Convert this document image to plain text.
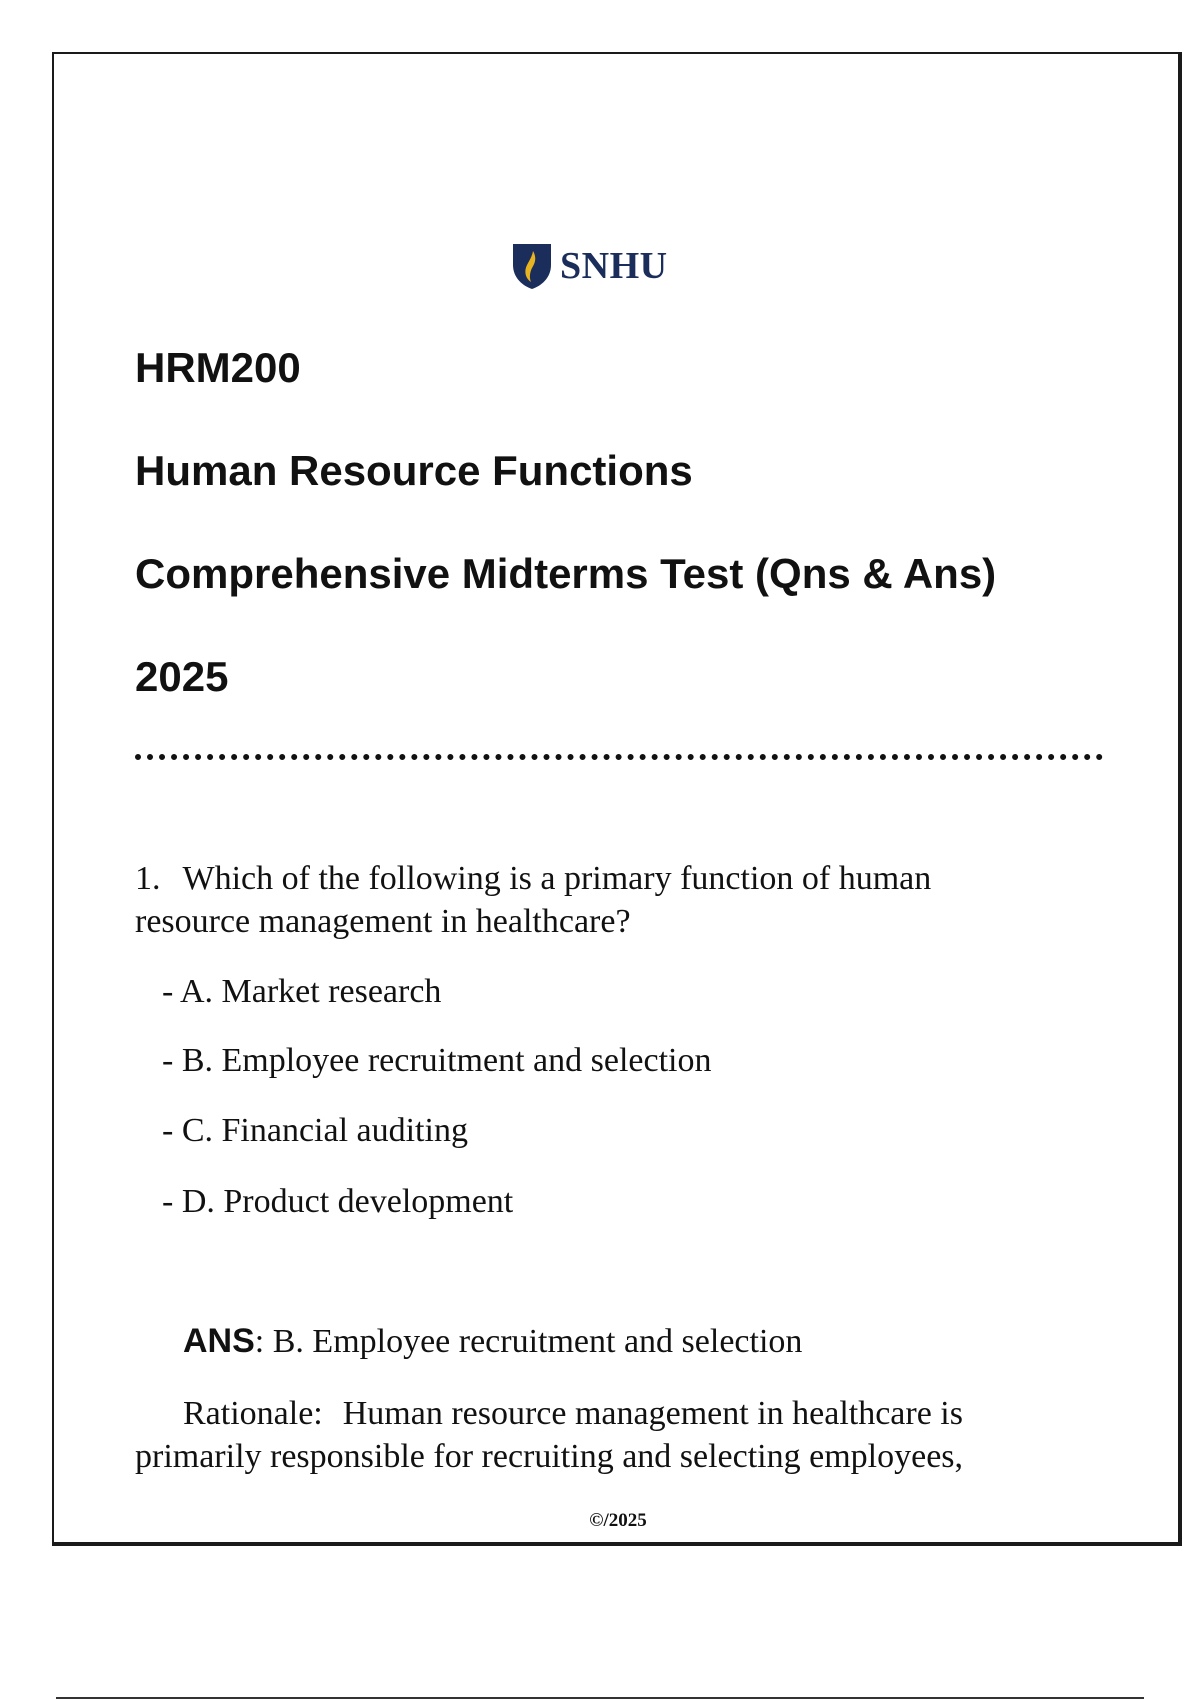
SNHU
HRM200
Human Resource Functions
Comprehensive Midterms Test (Qns & Ans)
2025

1. Which of the following is a primary function of human resource management in healthcare?

- A. Market research

- B. Employee recruitment and selection

- C. Financial auditing

- D. Product development

ANS: B. Employee recruitment and selection

Rationale: Human resource management in healthcare is primarily responsible for recruiting and selecting employees,

©/2025
